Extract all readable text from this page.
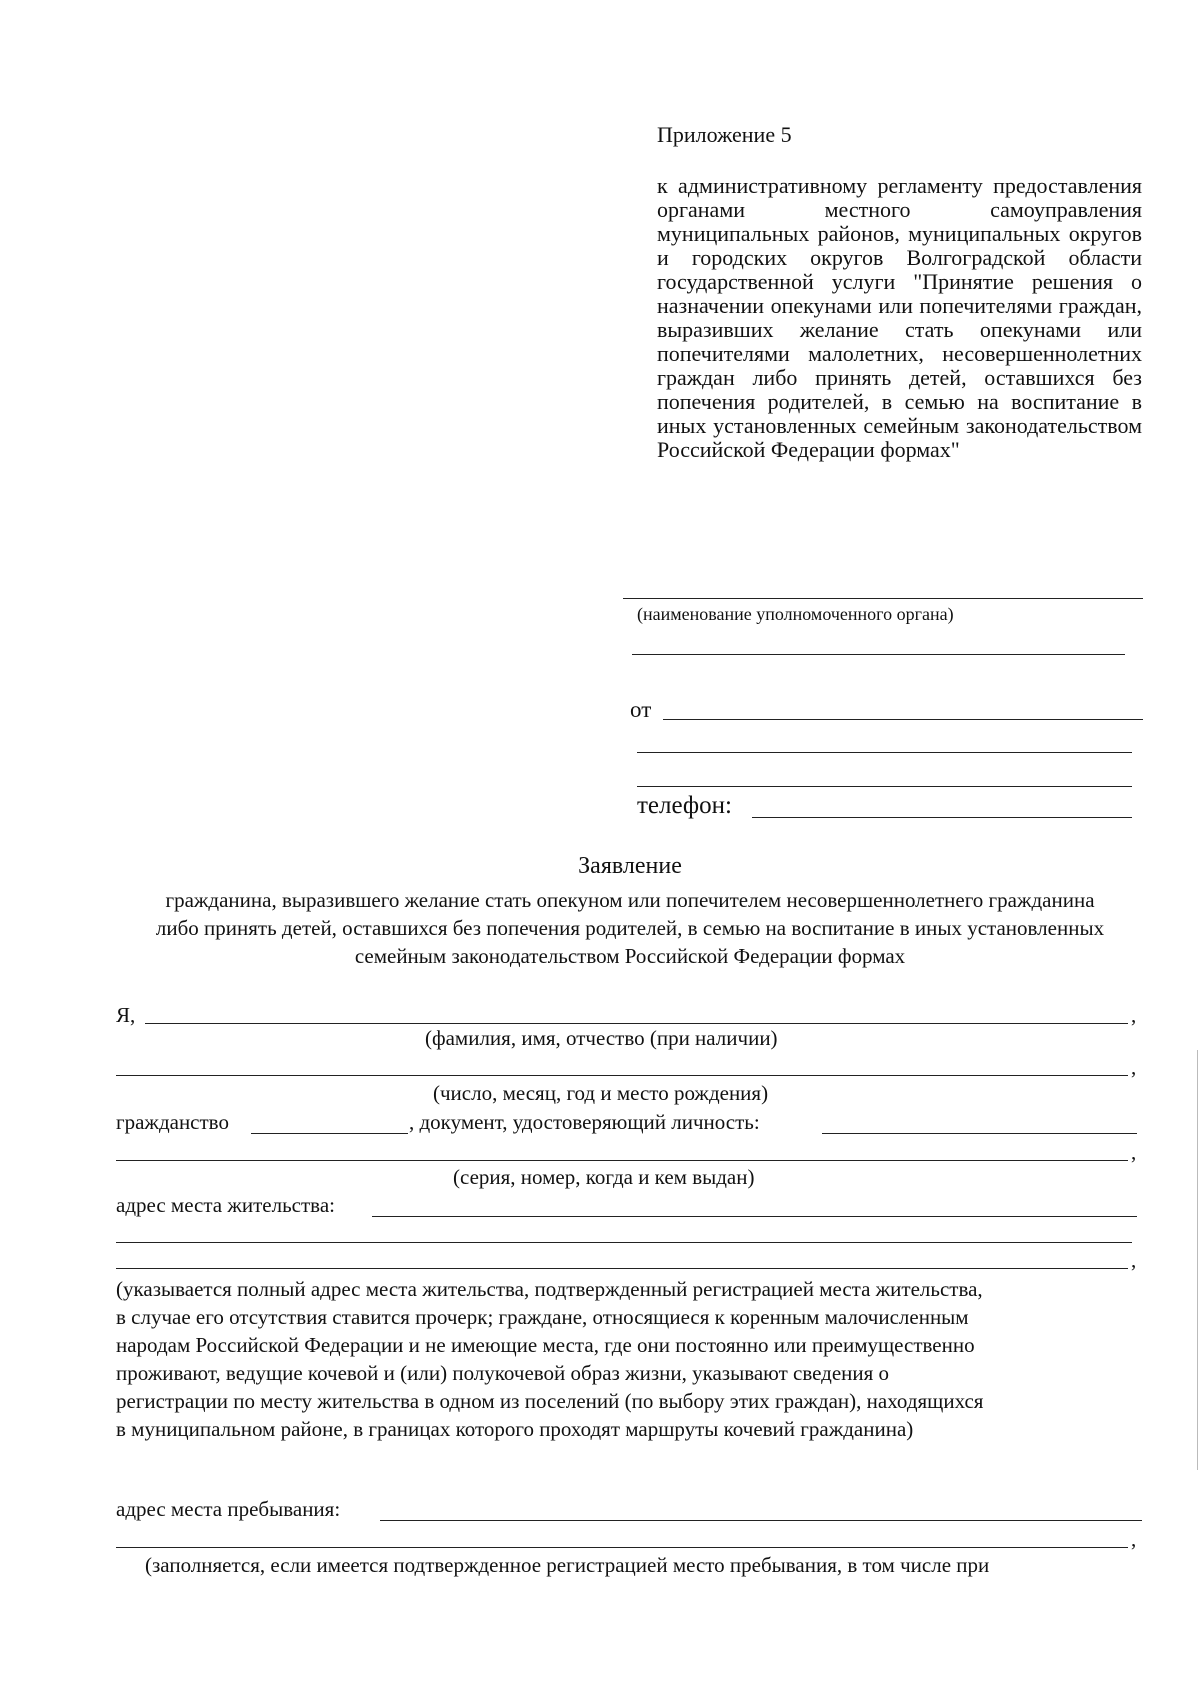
Приложение 5
к административному регламенту предоставления органами местного самоуправления муниципальных районов, муниципальных округов и городских округов Волгоградской области государственной услуги "Принятие решения о назначении опекунами или попечителями граждан, выразивших желание стать опекунами или попечителями малолетних, несовершеннолетних граждан либо принять детей, оставшихся без попечения родителей, в семью на воспитание в иных установленных семейным законодательством Российской Федерации формах"
(наименование уполномоченного органа)
от
телефон:
Заявление
гражданина, выразившего желание стать опекуном или попечителем несовершеннолетнего гражданина либо принять детей, оставшихся без попечения родителей, в семью на воспитание в иных установленных семейным законодательством Российской Федерации формах
Я,	,
(фамилия, имя, отчество (при наличии)
,
(число, месяц, год и место рождения)
гражданство	, документ, удостоверяющий личность:
,
(серия, номер, когда и кем выдан)
адрес места жительства:
,
(указывается полный адрес места жительства, подтвержденный регистрацией места жительства, в случае его отсутствия ставится прочерк; граждане, относящиеся к коренным малочисленным народам Российской Федерации и не имеющие места, где они постоянно или преимущественно проживают, ведущие кочевой и (или) полукочевой образ жизни, указывают сведения о регистрации по месту жительства в одном из поселений (по выбору этих граждан), находящихся в муниципальном районе, в границах которого проходят маршруты кочевий гражданина)
адрес места пребывания:
,
(заполняется, если имеется подтвержденное регистрацией место пребывания, в том числе при
